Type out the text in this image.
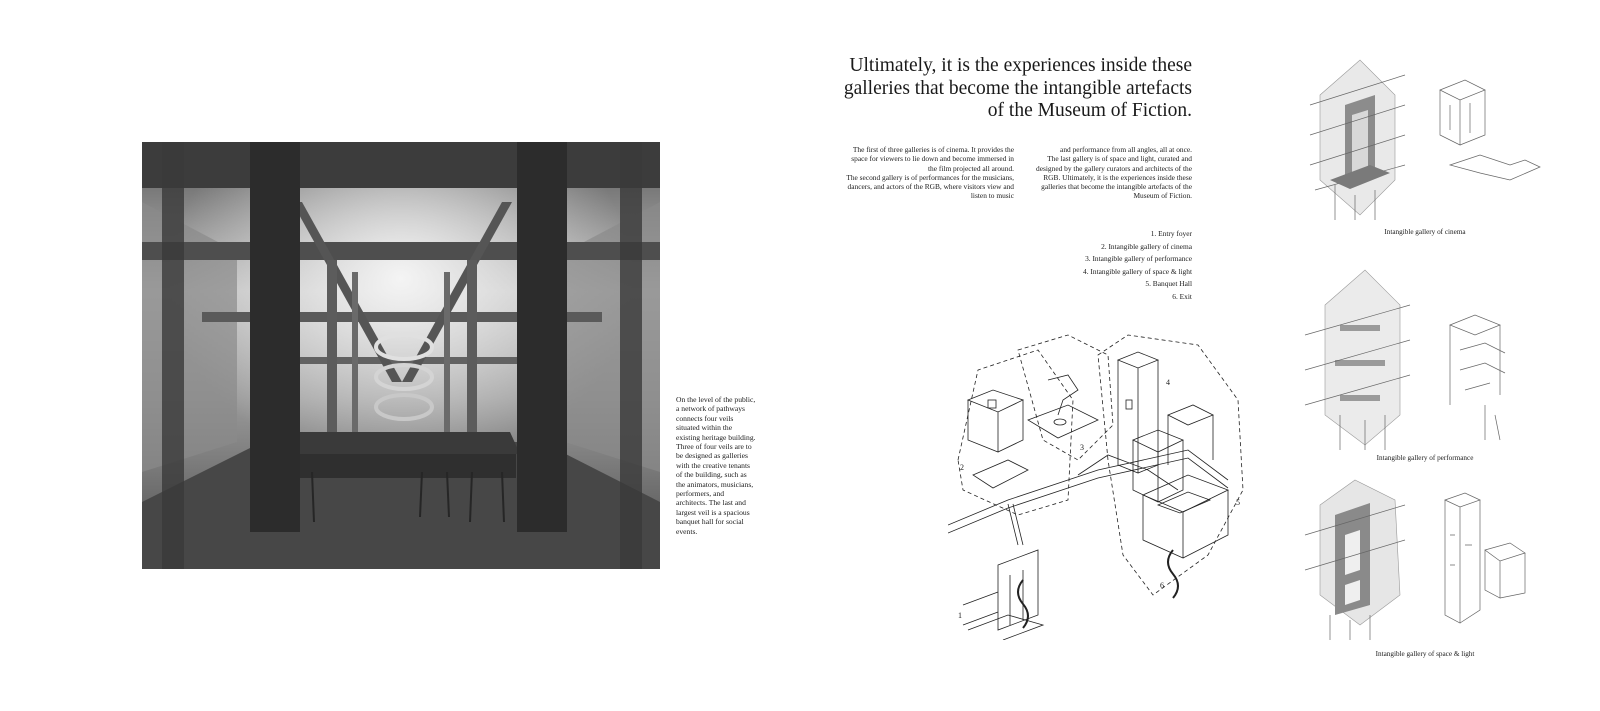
On the level of the public, a network of pathways connects four veils situated within the existing heritage building. Three of four veils are to be designed as galleries with the creative tenants of the building, such as the animators, musicians, performers, and architects. The last and largest veil is a spacious banquet hall for social events.
Ultimately, it is the experiences inside these galleries that become the intangible artefacts of the Museum of Fiction.

The first of three galleries is of cinema. It provides the space for viewers to lie down and become immersed in the film projected all around.

The second gallery is of performances for the musicians, dancers, and actors of the RGB, where visitors view and listen to music

and performance from all angles, all at once.

The last gallery is of space and light, curated and designed by the gallery curators and architects of the RGB. Ultimately, it is the experiences inside these galleries that become the intangible artefacts of the Museum of Fiction.

1. Entry foyer
2. Intangible gallery of cinema
3. Intangible gallery of performance
4. Intangible gallery of space & light
5. Banquet Hall
6. Exit
1
2
3
4
5
6
Intangible gallery of cinema
Intangible gallery of performance
Intangible gallery of space & light
